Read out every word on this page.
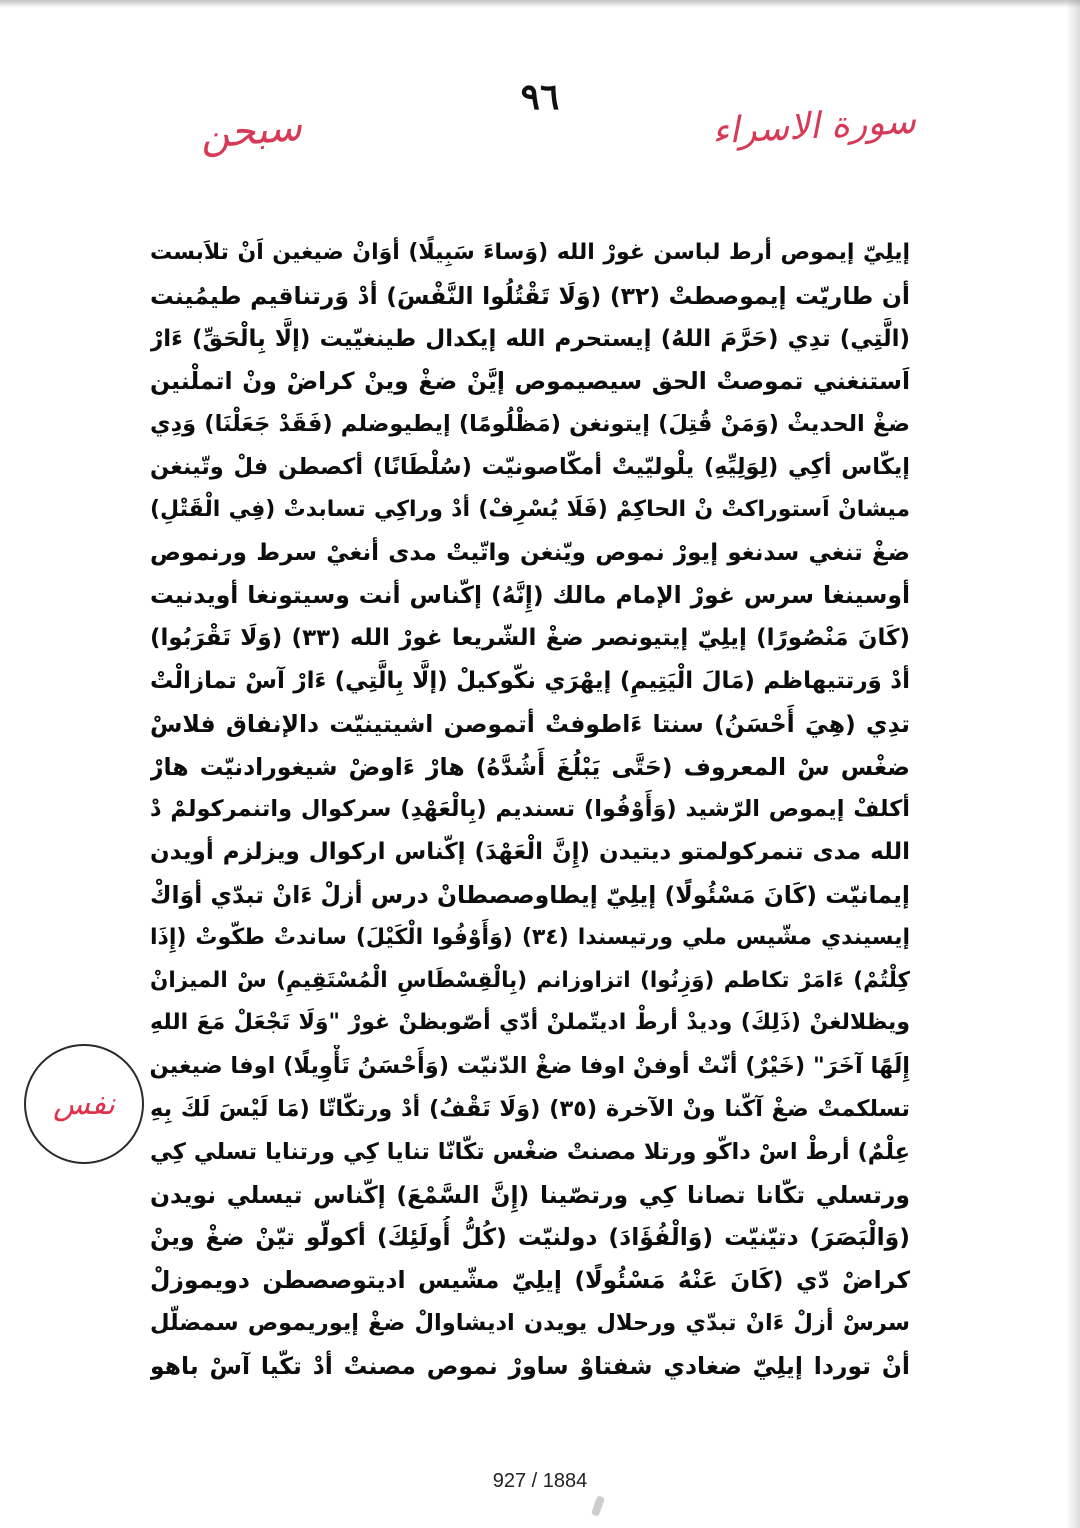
٩٦
سبحن	سورة الاسراء
إيلِيّ إيموص أرط لباسن غورْ الله (وَساءَ سَبِيلًا) أوَانْ ضيغين اَنْ تلاَبست
أن طاريّت إيموصطتْ (٣٢) (وَلَا تَقْتُلُوا النَّفْسَ) أدْ وَرتناقيم طيمُينت
(الَّتِي) تدِي (حَرَّمَ اللهُ) إيستحرم الله إيكدال طينغيّيت (إلَّا بِالْحَقِّ) ءَارْ
اَستنغني تموصتْ الحق سيصيموص إيَّنْ ضغْ وينْ كراضْ ونْ اتملْنين
ضغْ الحديثْ (وَمَنْ قُتِلَ) إيتونغن (مَظْلُومًا) إيطيوضلم (فَقَدْ جَعَلْنَا) وَدِي
إيكّاس أكِي (لِوَلِيِّهِ) يلْوليّيتْ أمكّاصونيّت (سُلْطَانًا) أكصطن فلْ وتّينغن
ميشانْ اَستوراكتْ نْ الحاكِمْ (فَلَا يُسْرِفْ) أدْ وراكِي تسابدتْ (فِي الْقَتْلِ)
ضغْ تنغي سدنغو إيورْ نموص ويّنغن واتّيتْ مدى أنغيْ سرط ورنموص
أوسينغا سرس غورْ الإمام مالك (إِنَّهُ) إكّناس أنت وسيتونغا أويدنيت
(كَانَ مَنْصُورًا) إيلِيّ إيتيونصر ضغْ الشّريعا غورْ الله (٣٣) (وَلَا تَقْرَبُوا)
أدْ وَرتتيهاظم (مَالَ الْيَتِيمِ) إيهْرَي نكّوكيلْ (إلَّا بِالَّتِي) ءَارْ آسْ تمازالْتْ
تدِي (هِيَ أَحْسَنُ) سنتا ءَاطوفتْ أتموصن اشيتينيّت دالإنفاق فلاسْ
ضغْس سْ المعروف (حَتَّى يَبْلُغَ أَشُدَّهُ) هارْ ءَاوضْ شيغورادنيّت هارْ
أكلفْ إيموص الرّشيد (وَأَوْفُوا) تسنديم (بِالْعَهْدِ) سركوال واتنمركولمْ دْ
الله مدى تنمركولمتو ديتيدن (إِنَّ الْعَهْدَ) إكّناس اركوال ويزلزم أويدن
إيمانيّت (كَانَ مَسْئُولًا) إيلِيّ إيطاوصصطانْ درس أزلْ ءَانْ تبدّي أوَاكْ
إيسيندي مشّيس ملي ورتيسندا (٣٤) (وَأَوْفُوا الْكَيْلَ) ساندتْ طكّوتْ (إِذَا
كِلْتُمْ) ءَامَرْ تكاطم (وَزِنُوا) اتزاوزانم (بِالْقِسْطَاسِ الْمُسْتَقِيمِ) سْ الميزانْ
ويظلالغنْ (ذَلِكَ) وديدْ أرطْ اديتّملنْ أدّي أصّوبظنْ غورْ "وَلَا تَجْعَلْ مَعَ اللهِ
إِلَهًا آخَرَ" (خَيْرٌ) أنّتْ أوفنْ اوفا ضغْ الدّنيّت (وَأَحْسَنُ تَأْوِيلًا) اوفا ضيغين
تسلكمتْ ضغْ آكّنا ونْ الآخرة (٣٥) (وَلَا تَقْفُ) أدْ ورتكّاتّا (مَا لَيْسَ لَكَ بِهِ
عِلْمٌ) أرطْ اسْ داكّو ورتلا مصنتْ ضغْس تكّانّا تنايا كِي ورتنايا تسلي كِي
ورتسلي تكّانا تصانا كِي ورتصّينا (إِنَّ السَّمْعَ) إكّناس تيسلي نويدن
(وَالْبَصَرَ) دتيّنيّت (وَالْفُؤَادَ) دولنيّت (كُلُّ أُولَئِكَ) أكولّو تيّنْ ضغْ وينْ
كراضْ دّي (كَانَ عَنْهُ مَسْئُولًا) إيلِيّ مشّيس اديتوصصطن دويموزلْ
سرسْ أزلْ ءَانْ تبدّي ورحلال يويدن اديشاوالْ ضغْ إيوريموص سمضلّل
أنْ توردا إيلِيّ ضغادي شفتاوْ ساورْ نموص مصنتْ أدْ تكّيا آسْ باهو
نفس
927 / 1884
